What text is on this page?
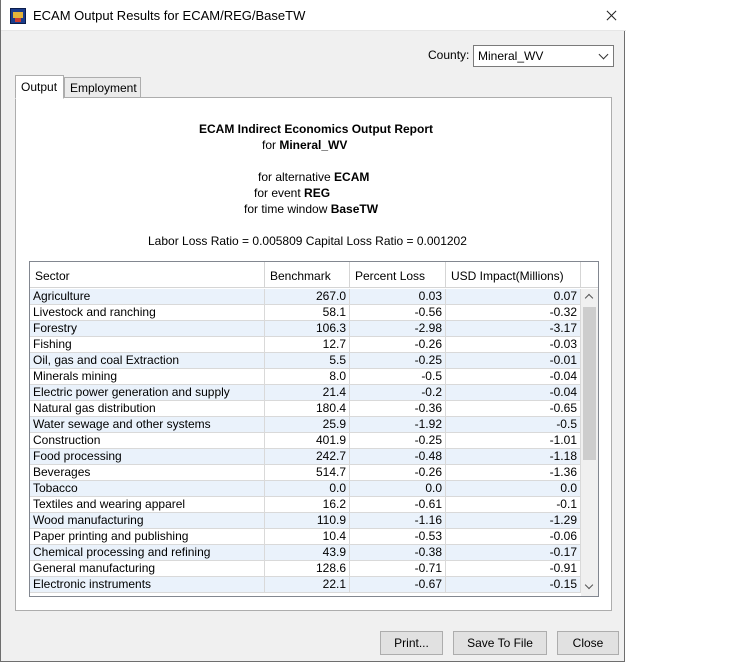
ECAM Output Results for ECAM/REG/BaseTW
County: Mineral_WV
Output	Employment
ECAM Indirect Economics Output Report
for Mineral_WV
for alternative ECAM
for event REG
for time window BaseTW
Labor Loss Ratio = 0.005809 Capital Loss Ratio = 0.001202
Sector	Benchmark	Percent Loss	USD Impact(Millions)
Agriculture	267.0	0.03	0.07
Livestock and ranching	58.1	-0.56	-0.32
Forestry	106.3	-2.98	-3.17
Fishing	12.7	-0.26	-0.03
Oil, gas and coal Extraction	5.5	-0.25	-0.01
Minerals mining	8.0	-0.5	-0.04
Electric power generation and supply	21.4	-0.2	-0.04
Natural gas distribution	180.4	-0.36	-0.65
Water sewage and other systems	25.9	-1.92	-0.5
Construction	401.9	-0.25	-1.01
Food processing	242.7	-0.48	-1.18
Beverages	514.7	-0.26	-1.36
Tobacco	0.0	0.0	0.0
Textiles and wearing apparel	16.2	-0.61	-0.1
Wood manufacturing	110.9	-1.16	-1.29
Paper printing and publishing	10.4	-0.53	-0.06
Chemical processing and refining	43.9	-0.38	-0.17
General manufacturing	128.6	-0.71	-0.91
Electronic instruments	22.1	-0.67	-0.15
Print...	Save To File	Close
